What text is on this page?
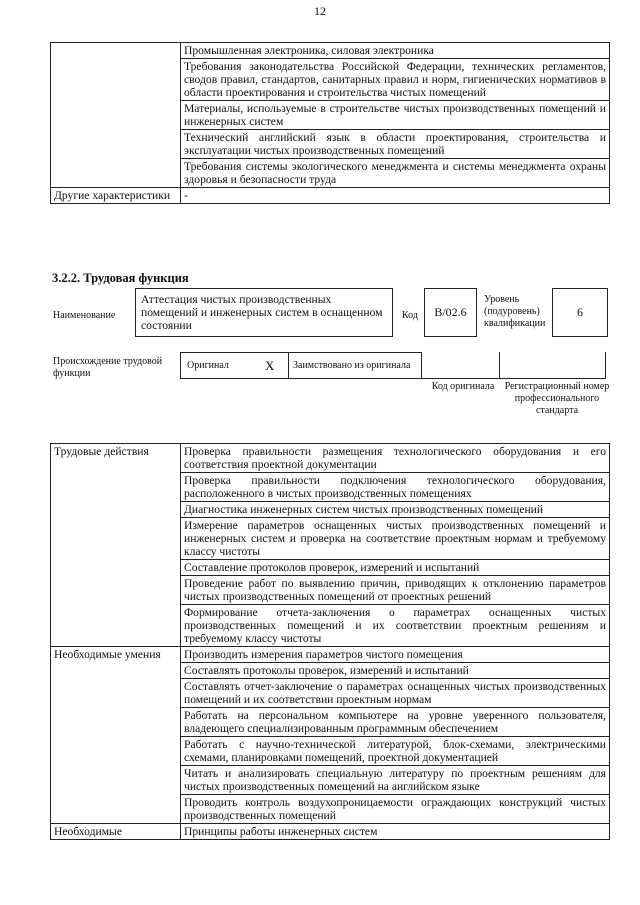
12
	Промышленная электроника, силовая электроника
	Требования законодательства Российской Федерации, технических регламентов, сводов правил, стандартов, санитарных правил и норм, гигиенических нормативов в области проектирования и строительства чистых помещений
	Материалы, используемые в строительстве чистых производственных помещений и инженерных систем
	Технический английский язык в области проектирования, строительства и эксплуатации чистых производственных помещений
	Требования системы экологического менеджмента и системы менеджмента охраны здоровья и безопасности труда
Другие характеристики	-
3.2.2. Трудовая функция
Наименование
Аттестация чистых производственных помещений и инженерных систем в оснащенном состоянии
Код	B/02.6
Уровень (подуровень) квалификации
6
Происхождение трудовой функции
Оригинал	X Заимствовано из оригинала
Код оригинала	Регистрационный номер профессионального стандарта
Трудовые действия	Проверка правильности размещения технологического оборудования и его соответствия проектной документации
	Проверка правильности подключения технологического оборудования, расположенного в чистых производственных помещениях
	Диагностика инженерных систем чистых производственных помещений
	Измерение параметров оснащенных чистых производственных помещений и инженерных систем и проверка на соответствие проектным нормам и требуемому классу чистоты
	Составление протоколов проверок, измерений и испытаний
	Проведение работ по выявлению причин, приводящих к отклонению параметров чистых производственных помещений от проектных решений
	Формирование отчета-заключения о параметрах оснащенных чистых производственных помещений и их соответствии проектным решениям и требуемому классу чистоты
Необходимые умения	Производить измерения параметров чистого помещения
	Составлять протоколы проверок, измерений и испытаний
	Составлять отчет-заключение о параметрах оснащенных чистых производственных помещений и их соответствии проектным нормам
	Работать на персональном компьютере на уровне уверенного пользователя, владеющего специализированным программным обеспечением
	Работать с научно-технической литературой, блок-схемами, электрическими схемами, планировками помещений, проектной документацией
	Читать и анализировать специальную литературу по проектным решениям для чистых производственных помещений на английском языке
	Проводить контроль воздухопроницаемости ограждающих конструкций чистых производственных помещений
Необходимые	Принципы работы инженерных систем
